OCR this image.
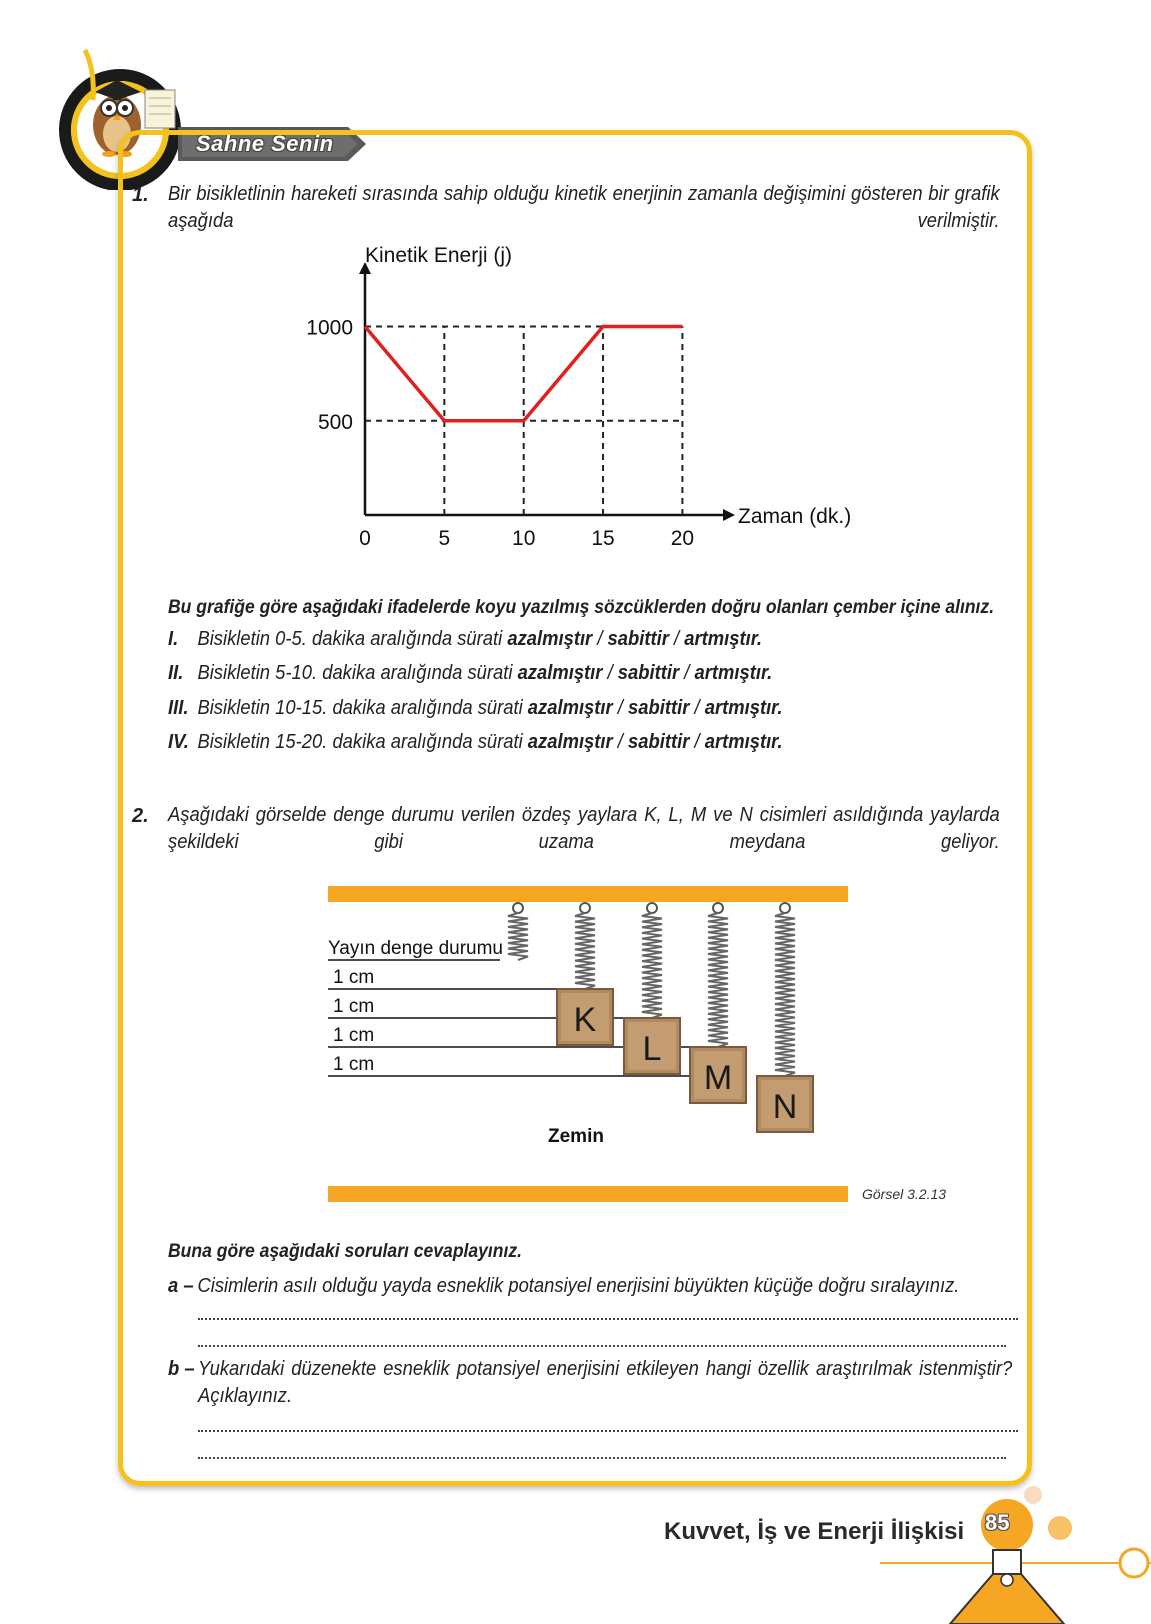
Sahne Senin
1. Bir bisikletlinin hareketi sırasında sahip olduğu kinetik enerjinin zamanla değişimini gösteren bir grafik aşağıda verilmiştir.
0	5	10	15	20
500
1000
Kinetik Enerji (j)
Zaman (dk.)
Bu grafiğe göre aşağıdaki ifadelerde koyu yazılmış sözcüklerden doğru olanları çember içine alınız.
I. Bisikletin 0-5. dakika aralığında sürati azalmıştır / sabittir / artmıştır.
II. Bisikletin 5-10. dakika aralığında sürati azalmıştır / sabittir / artmıştır.
III. Bisikletin 10-15. dakika aralığında sürati azalmıştır / sabittir / artmıştır.
IV. Bisikletin 15-20. dakika aralığında sürati azalmıştır / sabittir / artmıştır.
2. Aşağıdaki görselde denge durumu verilen özdeş yaylara K, L, M ve N cisimleri asıldığında yaylarda şekildeki gibi uzama meydana geliyor.
Yayın denge durumu
1 cm
1 cm
1 cm
1 cm
K
L
M
N
Zemin
Görsel 3.2.13
Buna göre aşağıdaki soruları cevaplayınız.
a – Cisimlerin asılı olduğu yayda esneklik potansiyel enerjisini büyükten küçüğe doğru sıralayınız.
b – Yukarıdaki düzenekte esneklik potansiyel enerjisini etkileyen hangi özellik araştırılmak istenmiştir? Açıklayınız.
Kuvvet, İş ve Enerji İlişkisi 85
